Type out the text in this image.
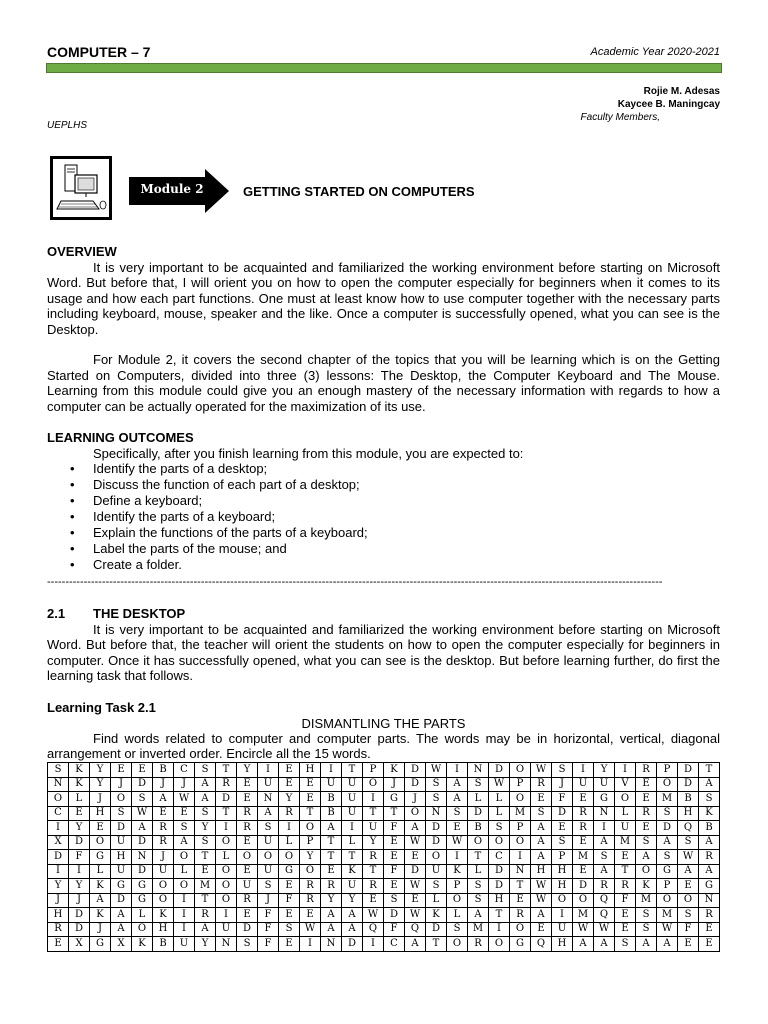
COMPUTER – 7	Academic Year 2020-2021
Rojie M. Adesas
Kaycee B. Maningcay
Faculty Members,
UEPLHS
Module 2	GETTING STARTED ON COMPUTERS
OVERVIEW

It is very important to be acquainted and familiarized the working environment before starting on Microsoft Word. But before that, I will orient you on how to open the computer especially for beginners when it comes to its usage and how each part functions. One must at least know how to use computer together with the necessary parts including keyboard, mouse, speaker and the like. Once a computer is successfully opened, what you can see is the Desktop.

For Module 2, it covers the second chapter of the topics that you will be learning which is on the Getting Started on Computers, divided into three (3) lessons: The Desktop, the Computer Keyboard and The Mouse. Learning from this module could give you an enough mastery of the necessary information with regards to how a computer can be actually operated for the maximization of its use.

LEARNING OUTCOMES

Specifically, after you finish learning from this module, you are expected to:

• Identify the parts of a desktop;
• Discuss the function of each part of a desktop;
• Define a keyboard;
• Identify the parts of a keyboard;
• Explain the functions of the parts of a keyboard;
• Label the parts of the mouse; and
• Create a folder.
------------------------------------------------------------------------------------------------------------------------------------------------------------------------
2.1 THE DESKTOP

It is very important to be acquainted and familiarized the working environment before starting on Microsoft Word. But before that, the teacher will orient the students on how to open the computer especially for beginners in computer. Once it has successfully opened, what you can see is the desktop. But before learning further, do first the learning task that follows.

Learning Task 2.1
DISMANTLING THE PARTS

Find words related to computer and computer parts. The words may be in horizontal, vertical, diagonal arrangement or inverted order. Encircle all the 15 words.

S	K	Y	E	E	B	C	S	T	Y	I	E	H	I	T	P	K	D	W	I	N	D	O	W	S	I	Y	I	R	P	D	T
N	K	Y	J	D	J	J	A	R	E	U	E	E	U	U	O	J	D	S	A	S	W	P	R	J	U	U	V	E	O	D	A
O	L	J	O	S	A	W	A	D	E	N	Y	E	B	U	I	G	J	S	A	L	L	O	E	F	E	G	O	E	M	B	S
C	E	H	S	W	E	E	S	T	R	A	R	T	B	U	T	T	O	N	S	D	L	M	S	D	R	N	L	R	S	H	K
I	Y	E	D	A	R	S	Y	I	R	S	I	O	A	I	U	F	A	D	E	B	S	P	A	E	R	I	U	E	D	Q	B
X	D	O	U	D	R	A	S	O	E	U	L	P	T	L	Y	E	W	D	W	O	O	O	A	S	E	A	M	S	A	S	A
D	F	G	H	N	J	O	T	L	O	O	O	Y	T	T	R	E	E	O	I	T	C	I	A	P	M	S	E	A	S	W	R
I	I	L	U	D	U	L	E	O	E	U	G	O	E	K	T	F	D	U	K	L	D	N	H	H	E	A	T	O	G	A	A
Y	Y	K	G	G	O	O	M	O	U	S	E	R	R	U	R	E	W	S	P	S	D	T	W	H	D	R	R	K	P	E	G
J	J	A	D	G	O	I	T	O	R	J	F	R	Y	Y	E	S	E	L	O	S	H	E	W	O	O	Q	F	M	O	O	N
H	D	K	A	L	K	I	R	I	E	F	E	E	A	A	W	D	W	K	L	A	T	R	A	I	M	Q	E	S	M	S	R
R	D	J	A	O	H	I	A	U	D	F	S	W	A	A	Q	F	Q	D	S	M	I	O	E	U	W	W	E	S	W	F	E
E	X	G	X	K	B	U	Y	N	S	F	E	I	N	D	I	C	A	T	O	R	O	G	Q	H	A	A	S	A	A	E	E
